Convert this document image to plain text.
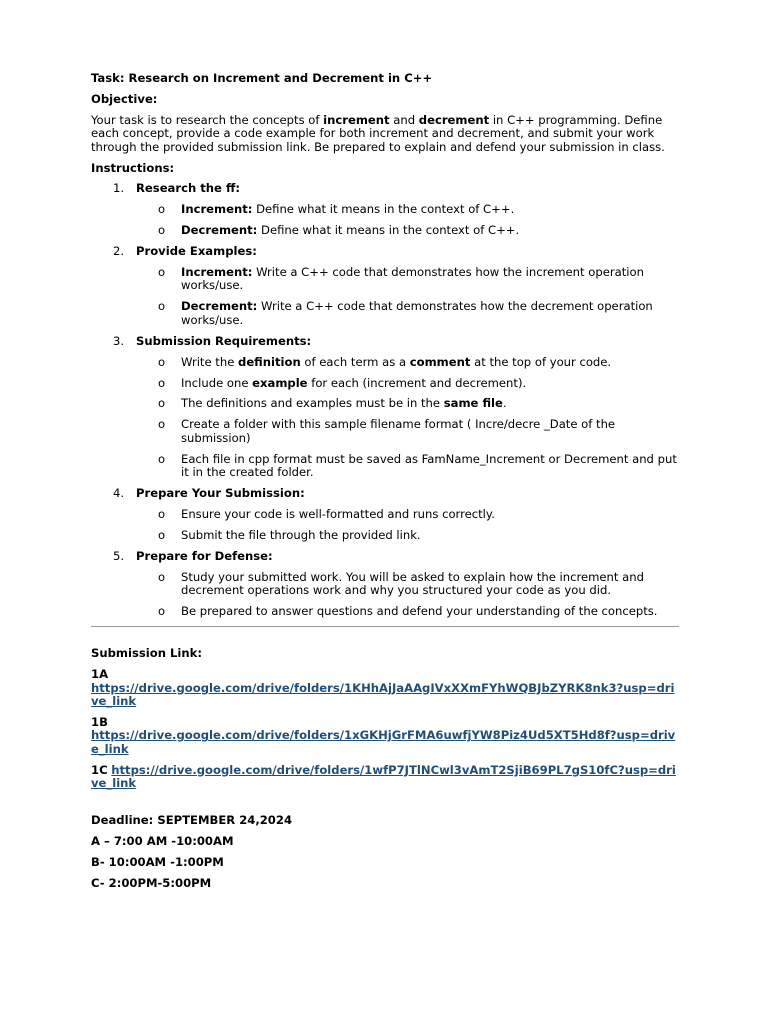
Task: Research on Increment and Decrement in C++

Objective:

Your task is to research the concepts of increment and decrement in C++ programming. Define each concept, provide a code example for both increment and decrement, and submit your work through the provided submission link. Be prepared to explain and defend your submission in class.

Instructions:

1. Research the ff:
o Increment: Define what it means in the context of C++.
o Decrement: Define what it means in the context of C++.
2. Provide Examples:
o Increment: Write a C++ code that demonstrates how the increment operation works/use.
o Decrement: Write a C++ code that demonstrates how the decrement operation works/use.
3. Submission Requirements:
o Write the definition of each term as a comment at the top of your code.
o Include one example for each (increment and decrement).
o The definitions and examples must be in the same file.
o Create a folder with this sample filename format ( Incre/decre _Date of the submission)
o Each file in cpp format must be saved as FamName_Increment or Decrement and put it in the created folder.
4. Prepare Your Submission:
o Ensure your code is well-formatted and runs correctly.
o Submit the file through the provided link.
5. Prepare for Defense:
o Study your submitted work. You will be asked to explain how the increment and decrement operations work and why you structured your code as you did.
o Be prepared to answer questions and defend your understanding of the concepts.

Submission Link:

1A
https://drive.google.com/drive/folders/1KHhAjJaAAgIVxXXmFYhWQBJbZYRK8nk3?usp=drive_link

1B
https://drive.google.com/drive/folders/1xGKHjGrFMA6uwfjYW8Piz4Ud5XT5Hd8f?usp=drive_link

1C https://drive.google.com/drive/folders/1wfP7JTlNCwl3vAmT2SjiB69PL7gS10fC?usp=drive_link

Deadline: SEPTEMBER 24,2024

A – 7:00 AM -10:00AM

B- 10:00AM -1:00PM

C- 2:00PM-5:00PM
